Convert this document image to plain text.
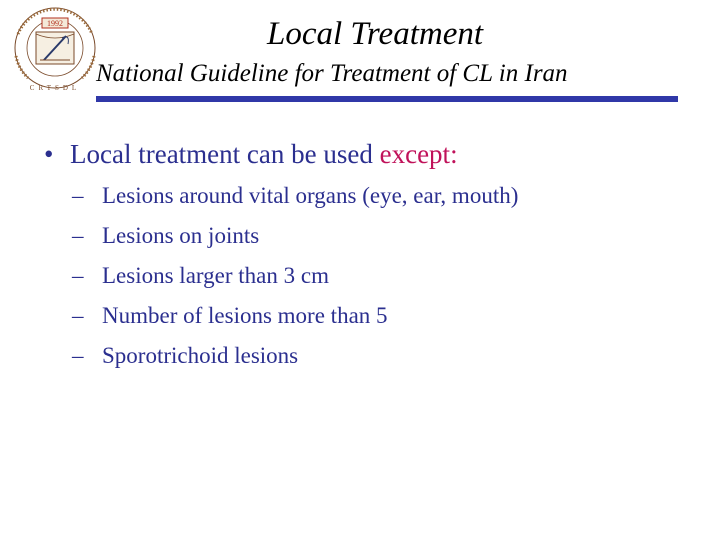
1992
CRTSDL
Local Treatment
National Guideline for Treatment of CL in Iran
• Local treatment can be used except:
– Lesions around vital organs (eye, ear, mouth)
– Lesions on joints
– Lesions larger than 3 cm
– Number of lesions more than 5
– Sporotrichoid lesions
